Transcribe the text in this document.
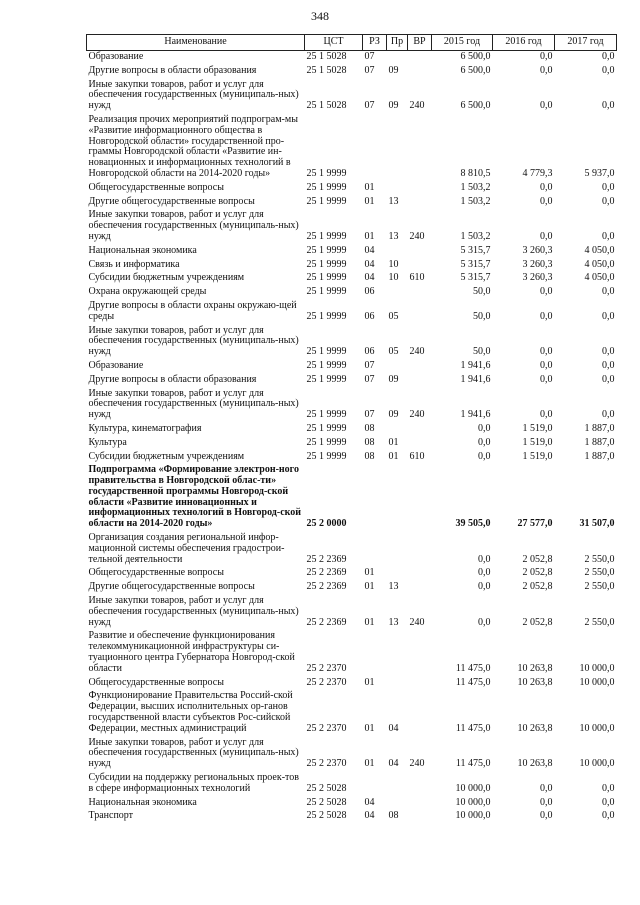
348
Наименование	ЦСТ	РЗ	Пр	ВР	2015 год	2016 год	2017 год
Образование	25 1 5028	07			6 500,0	0,0	0,0
Другие вопросы в области образования	25 1 5028	07	09		6 500,0	0,0	0,0
Иные закупки товаров, работ и услуг для обеспечения государственных (муниципаль-ных) нужд	25 1 5028	07	09	240	6 500,0	0,0	0,0
Реализация прочих мероприятий подпрограм-мы «Развитие информационного общества в Новгородской области» государственной про-граммы Новгородской области «Развитие ин-новационных и информационных технологий в Новгородской области на 2014-2020 годы»	25 1 9999				8 810,5	4 779,3	5 937,0
Общегосударственные вопросы	25 1 9999	01			1 503,2	0,0	0,0
Другие общегосударственные вопросы	25 1 9999	01	13		1 503,2	0,0	0,0
Иные закупки товаров, работ и услуг для обеспечения государственных (муниципаль-ных) нужд	25 1 9999	01	13	240	1 503,2	0,0	0,0
Национальная экономика	25 1 9999	04			5 315,7	3 260,3	4 050,0
Связь и информатика	25 1 9999	04	10		5 315,7	3 260,3	4 050,0
Субсидии бюджетным учреждениям	25 1 9999	04	10	610	5 315,7	3 260,3	4 050,0
Охрана окружающей среды	25 1 9999	06			50,0	0,0	0,0
Другие вопросы в области охраны окружаю-щей среды	25 1 9999	06	05		50,0	0,0	0,0
Иные закупки товаров, работ и услуг для обеспечения государственных (муниципаль-ных) нужд	25 1 9999	06	05	240	50,0	0,0	0,0
Образование	25 1 9999	07			1 941,6	0,0	0,0
Другие вопросы в области образования	25 1 9999	07	09		1 941,6	0,0	0,0
Иные закупки товаров, работ и услуг для обеспечения государственных (муниципаль-ных) нужд	25 1 9999	07	09	240	1 941,6	0,0	0,0
Культура, кинематография	25 1 9999	08			0,0	1 519,0	1 887,0
Культура	25 1 9999	08	01		0,0	1 519,0	1 887,0
Субсидии бюджетным учреждениям	25 1 9999	08	01	610	0,0	1 519,0	1 887,0
Подпрограмма «Формирование электрон-ного правительства в Новгородской облас-ти» государственной программы Новгород-ской области «Развитие инновационных и информационных технологий в Новгород-ской области на 2014-2020 годы»	25 2 0000				39 505,0	27 577,0	31 507,0
Организация создания региональной инфор-мационной системы обеспечения градострои-тельной деятельности	25 2 2369				0,0	2 052,8	2 550,0
Общегосударственные вопросы	25 2 2369	01			0,0	2 052,8	2 550,0
Другие общегосударственные вопросы	25 2 2369	01	13		0,0	2 052,8	2 550,0
Иные закупки товаров, работ и услуг для обеспечения государственных (муниципаль-ных) нужд	25 2 2369	01	13	240	0,0	2 052,8	2 550,0
Развитие и обеспечение функционирования телекоммуникационной инфраструктуры си-туационного центра Губернатора Новгород-ской области	25 2 2370				11 475,0	10 263,8	10 000,0
Общегосударственные вопросы	25 2 2370	01			11 475,0	10 263,8	10 000,0
Функционирование Правительства Россий-ской Федерации, высших исполнительных ор-ганов государственной власти субъектов Рос-сийской Федерации, местных администраций	25 2 2370	01	04		11 475,0	10 263,8	10 000,0
Иные закупки товаров, работ и услуг для обеспечения государственных (муниципаль-ных) нужд	25 2 2370	01	04	240	11 475,0	10 263,8	10 000,0
Субсидии на поддержку региональных проек-тов в сфере информационных технологий	25 2 5028				10 000,0	0,0	0,0
Национальная экономика	25 2 5028	04			10 000,0	0,0	0,0
Транспорт	25 2 5028	04	08		10 000,0	0,0	0,0
